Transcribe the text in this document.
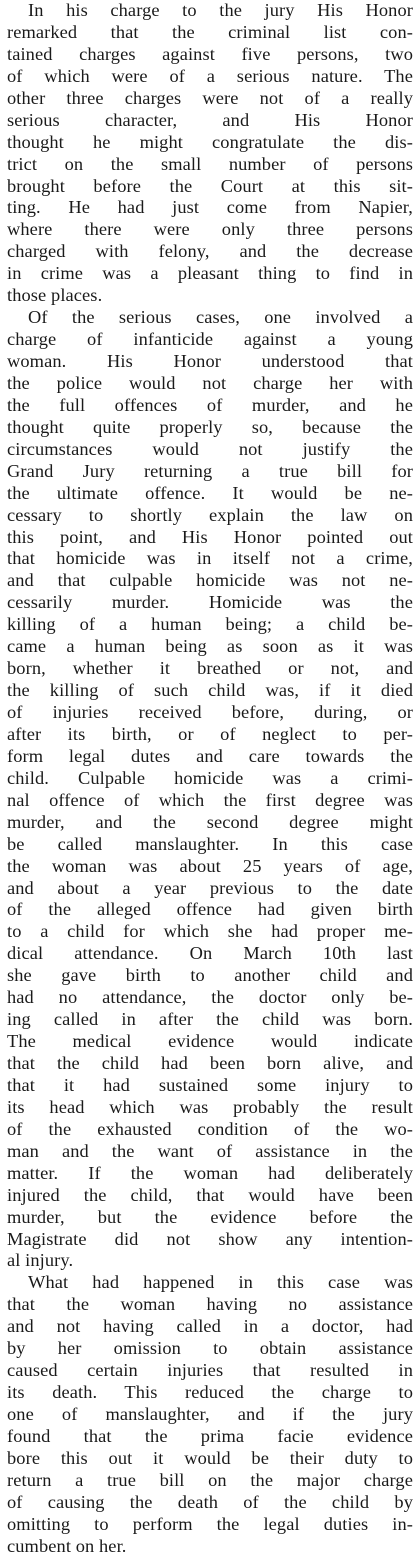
In his charge to the jury His Honor
remarked that the criminal list con-
tained charges against five persons, two
of which were of a serious nature. The
other three charges were not of a really
serious character, and His Honor
thought he might congratulate the dis-
trict on the small number of persons
brought before the Court at this sit-
ting. He had just come from Napier,
where there were only three persons
charged with felony, and the decrease
in crime was a pleasant thing to find in
those places.
Of the serious cases, one involved a
charge of infanticide against a young
woman. His Honor understood that
the police would not charge her with
the full offences of murder, and he
thought quite properly so, because the
circumstances would not justify the
Grand Jury returning a true bill for
the ultimate offence. It would be ne-
cessary to shortly explain the law on
this point, and His Honor pointed out
that homicide was in itself not a crime,
and that culpable homicide was not ne-
cessarily murder. Homicide was the
killing of a human being; a child be-
came a human being as soon as it was
born, whether it breathed or not, and
the killing of such child was, if it died
of injuries received before, during, or
after its birth, or of neglect to per-
form legal dutes and care towards the
child. Culpable homicide was a crimi-
nal offence of which the first degree was
murder, and the second degree might
be called manslaughter. In this case
the woman was about 25 years of age,
and about a year previous to the date
of the alleged offence had given birth
to a child for which she had proper me-
dical attendance. On March 10th last
she gave birth to another child and
had no attendance, the doctor only be-
ing called in after the child was born.
The medical evidence would indicate
that the child had been born alive, and
that it had sustained some injury to
its head which was probably the result
of the exhausted condition of the wo-
man and the want of assistance in the
matter. If the woman had deliberately
injured the child, that would have been
murder, but the evidence before the
Magistrate did not show any intention-
al injury.
What had happened in this case was
that the woman having no assistance
and not having called in a doctor, had
by her omission to obtain assistance
caused certain injuries that resulted in
its death. This reduced the charge to
one of manslaughter, and if the jury
found that the prima facie evidence
bore this out it would be their duty to
return a true bill on the major charge
of causing the death of the child by
omitting to perform the legal duties in-
cumbent on her.
